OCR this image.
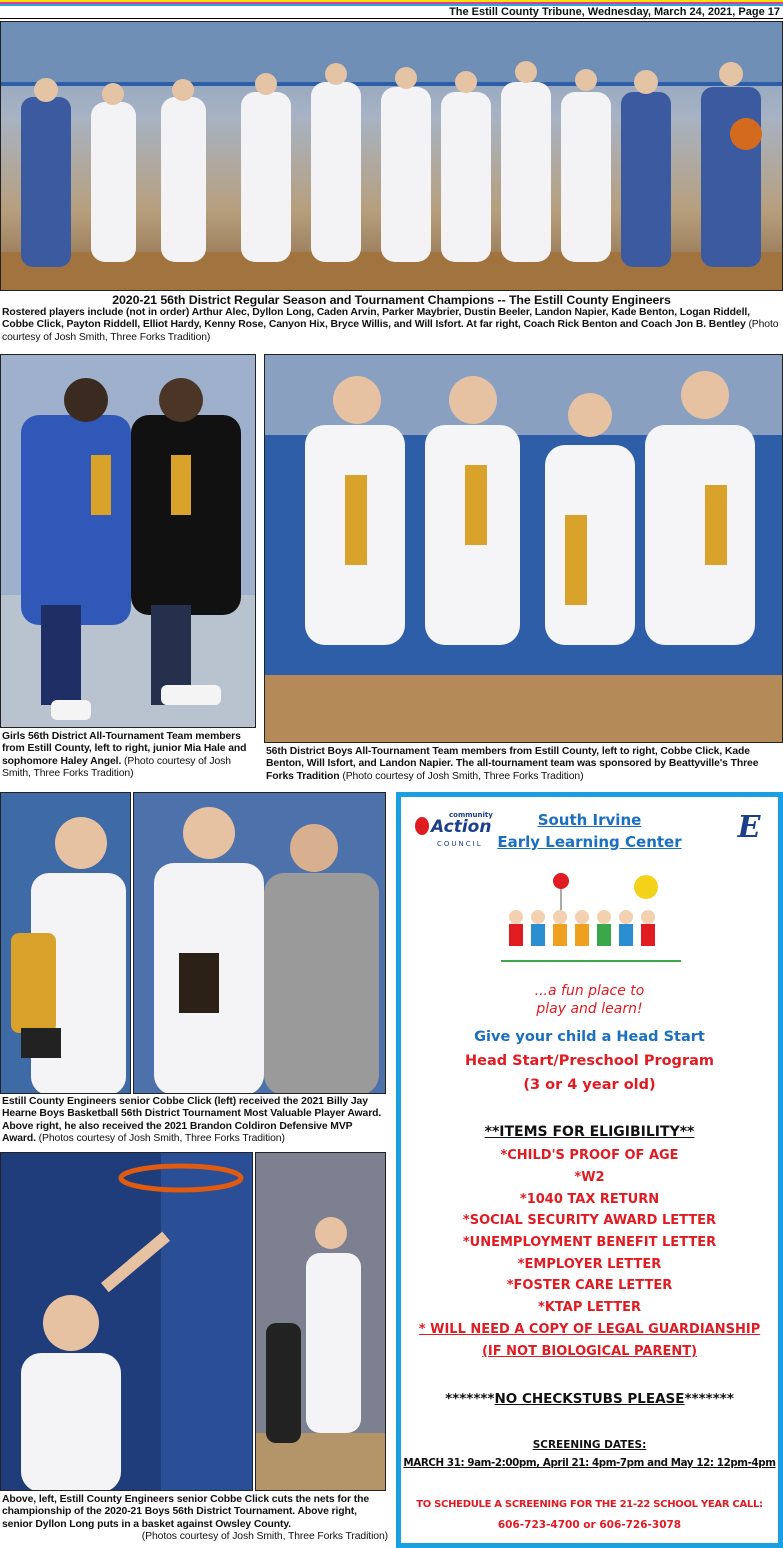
The Estill County Tribune, Wednesday, March 24, 2021, Page 17
2020-21 56th District Regular Season and Tournament Champions -- The Estill County Engineers
Rostered players include (not in order) Arthur Alec, Dyllon Long, Caden Arvin, Parker Maybrier, Dustin Beeler, Landon Napier, Kade Benton, Logan Riddell, Cobbe Click, Payton Riddell, Elliot Hardy, Kenny Rose, Canyon Hix, Bryce Willis, and Will Isfort. At far right, Coach Rick Benton and Coach Jon B. Bentley (Photo courtesy of Josh Smith, Three Forks Tradition)
Girls 56th District All-Tournament Team members from Estill County, left to right, junior Mia Hale and sophomore Haley Angel. (Photo courtesy of Josh Smith, Three Forks Tradition)
56th District Boys All-Tournament Team members from Estill County, left to right, Cobbe Click, Kade Benton, Will Isfort, and Landon Napier. The all-tournament team was sponsored by Beattyville's Three Forks Tradition (Photo courtesy of Josh Smith, Three Forks Tradition)
Estill County Engineers senior Cobbe Click (left) received the 2021 Billy Jay Hearne Boys Basketball 56th District Tournament Most Valuable Player Award. Above right, he also received the 2021 Brandon Coldiron Defensive MVP Award. (Photos courtesy of Josh Smith, Three Forks Tradition)
Above, left, Estill County Engineers senior Cobbe Click cuts the nets for the championship of the 2020-21 Boys 56th District Tournament. Above right, senior Dyllon Long puts in a basket against Owsley County.
(Photos courtesy of Josh Smith, Three Forks Tradition)
community
Action
COUNCIL
South Irvine
Early Learning Center	E
...a fun place to
play and learn!
Give your child a Head Start
Head Start/Preschool Program
(3 or 4 year old)
**ITEMS FOR ELIGIBILITY**
*CHILD'S PROOF OF AGE
*W2
*1040 TAX RETURN
*SOCIAL SECURITY AWARD LETTER
*UNEMPLOYMENT BENEFIT LETTER
*EMPLOYER LETTER
*FOSTER CARE LETTER
*KTAP LETTER
* WILL NEED A COPY OF LEGAL GUARDIANSHIP
(IF NOT BIOLOGICAL PARENT)
*******NO CHECKSTUBS PLEASE*******
SCREENING DATES:
MARCH 31: 9am-2:00pm, April 21: 4pm-7pm and May 12: 12pm-4pm
TO SCHEDULE A SCREENING FOR THE 21-22 SCHOOL YEAR CALL:
606-723-4700 or 606-726-3078
